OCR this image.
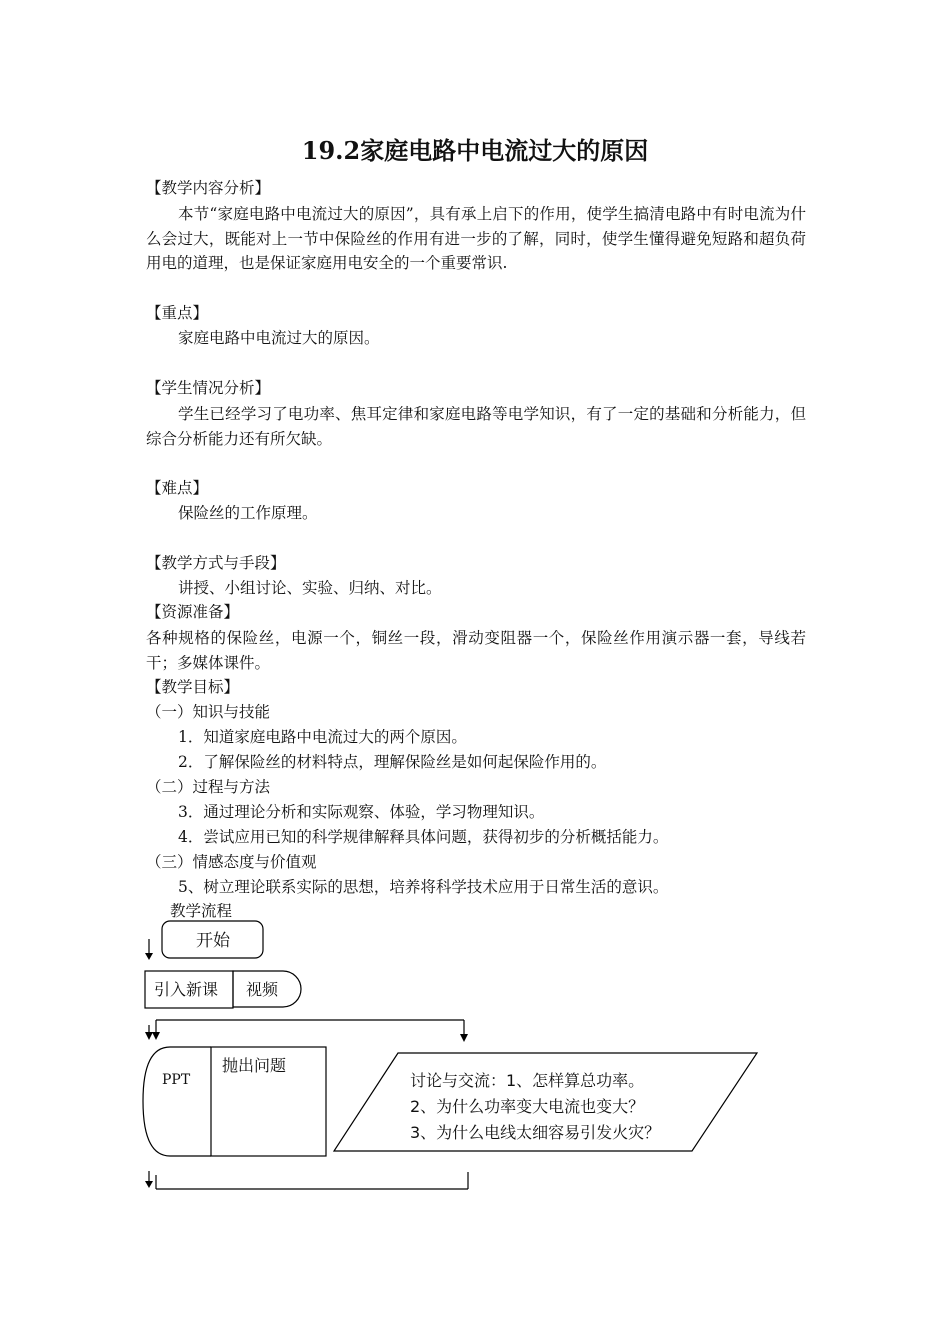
19.2家庭电路中电流过大的原因
【教学内容分析】
本节“家庭电路中电流过大的原因”，具有承上启下的作用，使学生搞清电路中有时电流为什么会过大，既能对上一节中保险丝的作用有进一步的了解，同时，使学生懂得避免短路和超负荷用电的道理，也是保证家庭用电安全的一个重要常识.
【重点】
家庭电路中电流过大的原因。
【学生情况分析】
学生已经学习了电功率、焦耳定律和家庭电路等电学知识，有了一定的基础和分析能力，但综合分析能力还有所欠缺。
【难点】
保险丝的工作原理。
【教学方式与手段】
讲授、小组讨论、实验、归纳、对比。
【资源准备】
各种规格的保险丝，电源一个，铜丝一段，滑动变阻器一个，保险丝作用演示器一套，导线若干；多媒体课件。
【教学目标】
（一）知识与技能
1．知道家庭电路中电流过大的两个原因。
2．了解保险丝的材料特点，理解保险丝是如何起保险作用的。
（二）过程与方法
3．通过理论分析和实际观察、体验，学习物理知识。
4．尝试应用已知的科学规律解释具体问题，获得初步的分析概括能力。
（三）情感态度与价值观
5、树立理论联系实际的思想，培养将科学技术应用于日常生活的意识。
教学流程
开始
引入新课 视频
PPT
抛出问题
讨论与交流：1、怎样算总功率。
2、为什么功率变大电流也变大？
3、为什么电线太细容易引发火灾？
